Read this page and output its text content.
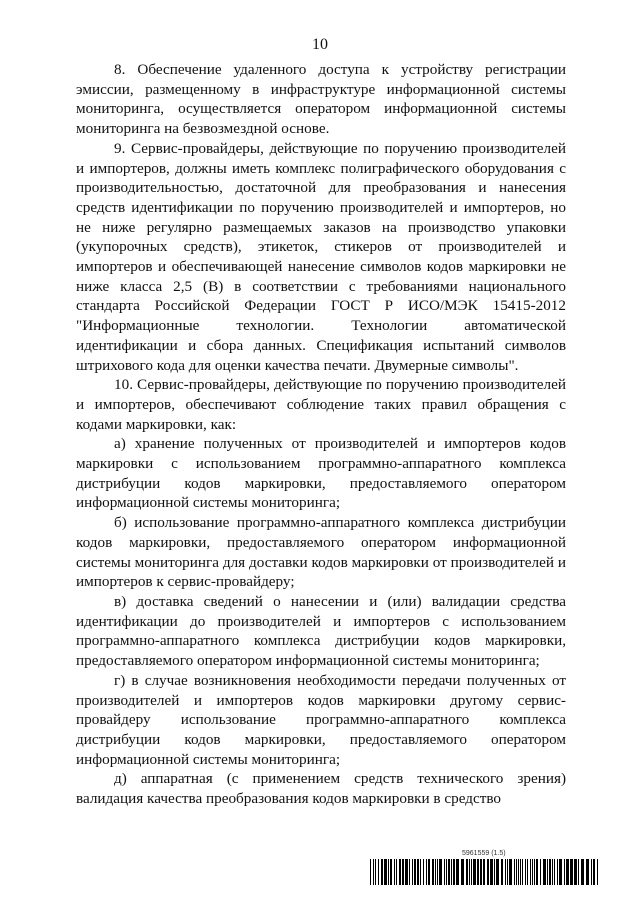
10

8. Обеспечение удаленного доступа к устройству регистрации эмиссии, размещенному в инфраструктуре информационной системы мониторинга, осуществляется оператором информационной системы мониторинга на безвозмездной основе.

9. Сервис-провайдеры, действующие по поручению производителей и импортеров, должны иметь комплекс полиграфического оборудования с производительностью, достаточной для преобразования и нанесения средств идентификации по поручению производителей и импортеров, но не ниже регулярно размещаемых заказов на производство упаковки (укупорочных средств), этикеток, стикеров от производителей и импортеров и обеспечивающей нанесение символов кодов маркировки не ниже класса 2,5 (B) в соответствии с требованиями национального стандарта Российской Федерации ГОСТ Р ИСО/МЭК 15415-2012 "Информационные технологии. Технологии автоматической идентификации и сбора данных. Спецификация испытаний символов штрихового кода для оценки качества печати. Двумерные символы".

10. Сервис-провайдеры, действующие по поручению производителей и импортеров, обеспечивают соблюдение таких правил обращения с кодами маркировки, как:

а) хранение полученных от производителей и импортеров кодов маркировки с использованием программно-аппаратного комплекса дистрибуции кодов маркировки, предоставляемого оператором информационной системы мониторинга;

б) использование программно-аппаратного комплекса дистрибуции кодов маркировки, предоставляемого оператором информационной системы мониторинга для доставки кодов маркировки от производителей и импортеров к сервис-провайдеру;

в) доставка сведений о нанесении и (или) валидации средства идентификации до производителей и импортеров с использованием программно-аппаратного комплекса дистрибуции кодов маркировки, предоставляемого оператором информационной системы мониторинга;

г) в случае возникновения необходимости передачи полученных от производителей и импортеров кодов маркировки другому сервис-провайдеру использование программно-аппаратного комплекса дистрибуции кодов маркировки, предоставляемого оператором информационной системы мониторинга;

д) аппаратная (с применением средств технического зрения) валидация качества преобразования кодов маркировки в средство

5961559 (1.5)
